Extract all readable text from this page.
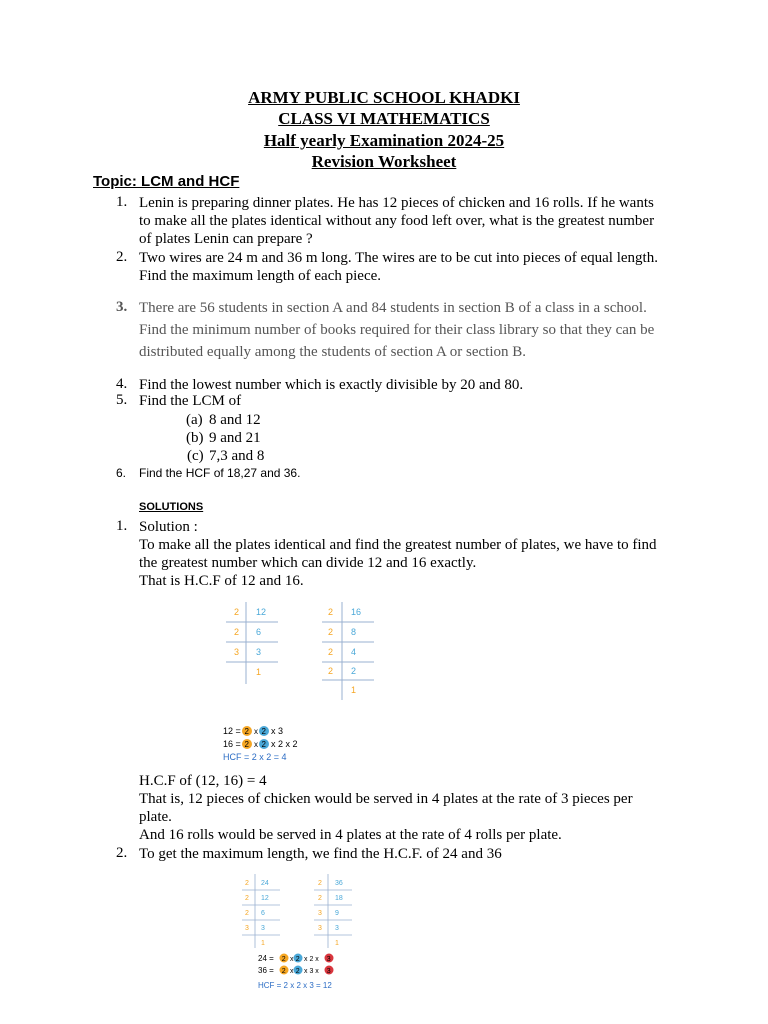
ARMY PUBLIC SCHOOL KHADKI
CLASS VI MATHEMATICS
Half yearly Examination 2024-25
Revision Worksheet
Topic: LCM and HCF
1. Lenin is preparing dinner plates. He has 12 pieces of chicken and 16 rolls. If he wants
to make all the plates identical without any food left over, what is the greatest number
of plates Lenin can prepare ?
2. Two wires are 24 m and 36 m long. The wires are to be cut into pieces of equal length.
Find the maximum length of each piece.
3. There are 56 students in section A and 84 students in section B of a class in a school.
Find the minimum number of books required for their class library so that they can be
distributed equally among the students of section A or section B.
4. Find the lowest number which is exactly divisible by 20 and 80.
5. Find the LCM of
(a) 8 and 12
(b) 9 and 21
(c) 7,3 and 8
6. Find the HCF of 18,27 and 36.
SOLUTIONS
1. Solution :
To make all the plates identical and find the greatest number of plates, we have to find
the greatest number which can divide 12 and 16 exactly.
That is H.C.F of 12 and 16.
2
2
3
12
6
3
1
2
2
2
2
16
8
4
2
1
12 = 2 x 2 x 3
16 = 2 x 2 x 2 x 2
HCF = 2 x 2 = 4
H.C.F of (12, 16) = 4
That is, 12 pieces of chicken would be served in 4 plates at the rate of 3 pieces per
plate.
And 16 rolls would be served in 4 plates at the rate of 4 rolls per plate.
2. To get the maximum length, we find the H.C.F. of 24 and 36
2
2
2
3
24
12
6
3
1
2
2
3
3
36
18
9
3
1
24 = 2 x 2 x 2 x 3
36 = 2 x 2 x 3 x 3
HCF = 2 x 2 x 3 = 12
